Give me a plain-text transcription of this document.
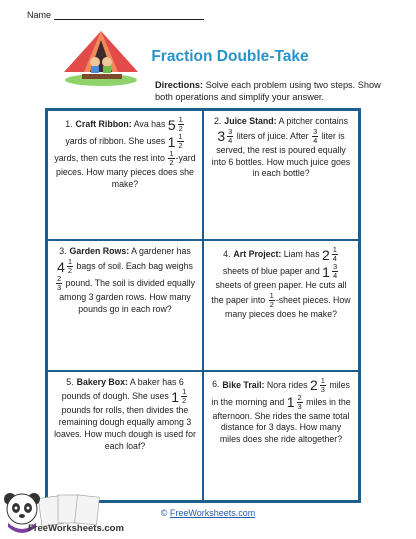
Name
Fraction Double-Take
Directions: Solve each problem using two steps. Show both operations and simplify your answer.

1. Craft Ribbon: Ava has $5 \frac{1}{2}$
yards of ribbon. She uses $1 \frac{1}{2}$
yards, then cuts the rest into $\frac{1}{2}$ -yard pieces. How many pieces does she make?

2. Juice Stand: A pitcher contains
$3 \frac{3}{4}$ liters of juice. After $\frac{3}{4}$ liter is served, the rest is poured equally into 6 bottles. How much juice goes in each bottle?

3. Garden Rows: A gardener has
$4 \frac{1}{2}$ bags of soil. Each bag weighs
$\frac{2}{3}$ pound. The soil is divided equally among 3 garden rows. How many pounds go in each row?

4. Art Project: Liam has $2 \frac{1}{4}$
sheets of blue paper and $1 \frac{3}{4}$
sheets of green paper. He cuts all the paper into $\frac{1}{2}$ -sheet pieces. How many pieces does he make?

5. Bakery Box: A baker has 6 pounds of dough. She uses $1 \frac{1}{2}$
pounds for rolls, then divides the remaining dough equally among 3 loaves. How much dough is used for each loaf?

6. Bike Trail: Nora rides $2 \frac{1}{3}$ miles in the morning and $1 \frac{2}{3}$ miles in the afternoon. She rides the same total distance for 3 days. How many miles does she ride altogether?

FreeWorksheets.com
© FreeWorksheets.com
